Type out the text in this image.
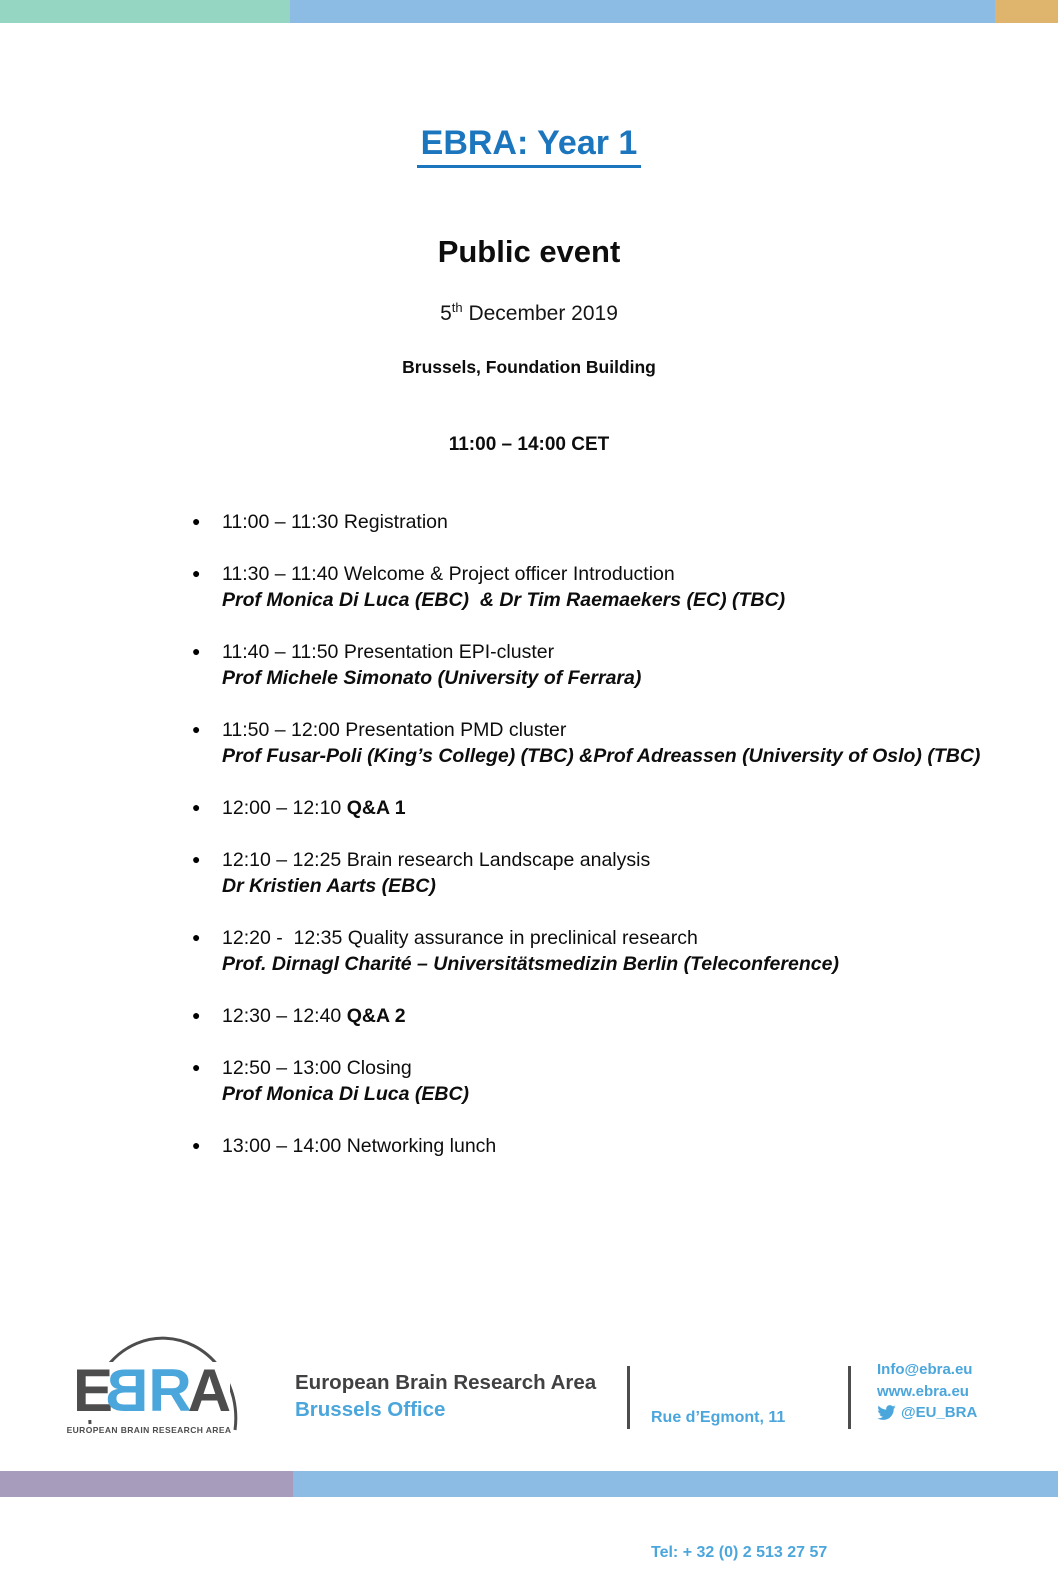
EBRA: Year 1
Public event
5th December 2019
Brussels, Foundation Building
11:00 – 14:00 CET
● 11:00 – 11:30 Registration
● 11:30 – 11:40 Welcome & Project officer Introduction
Prof Monica Di Luca (EBC)  & Dr Tim Raemaekers (EC) (TBC)
● 11:40 – 11:50 Presentation EPI-cluster
Prof Michele Simonato (University of Ferrara)
● 11:50 – 12:00 Presentation PMD cluster
Prof Fusar-Poli (King’s College) (TBC) &Prof Adreassen (University of Oslo) (TBC)
● 12:00 – 12:10 Q&A 1
● 12:10 – 12:25 Brain research Landscape analysis
Dr Kristien Aarts (EBC)
● 12:20 -  12:35 Quality assurance in preclinical research
Prof. Dirnagl Charité – Universitätsmedizin Berlin (Teleconference)
● 12:30 – 12:40 Q&A 2
● 12:50 – 13:00 Closing
Prof Monica Di Luca (EBC)
● 13:00 – 14:00 Networking lunch
EBRA
EUROPEAN BRAIN RESEARCH AREA
European Brain Research Area
Brussels Office

	Rue d’Egmont, 11

Tel: + 32 (0) 2 513 27 57

Info@ebra.eu
www.ebra.eu
@EU_BRA
